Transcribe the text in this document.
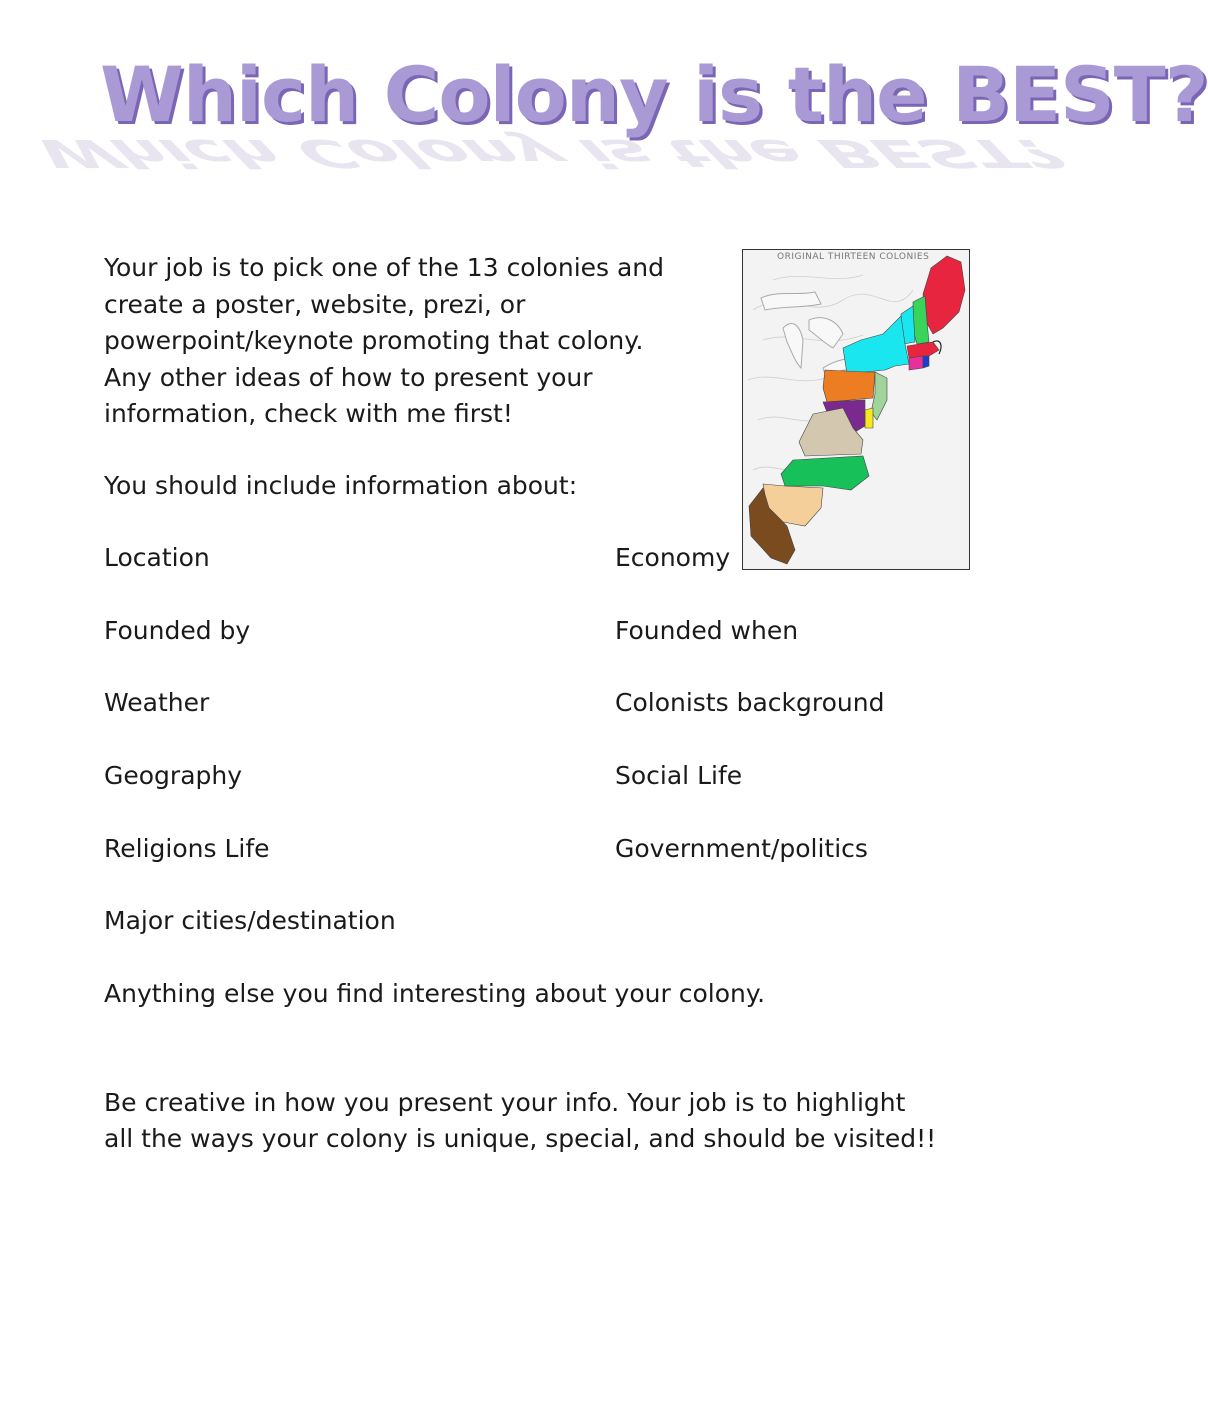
Which Colony is the BEST?
Which Colony is the BEST?
Your job is to pick one of the 13 colonies and
create a poster, website, prezi, or
powerpoint/keynote promoting that colony.
Any other ideas of how to present your
information, check with me first!
You should include information about:
Location
Founded by
Weather
Geography
Religions Life
Major cities/destination
Economy
Founded when
Colonists background
Social Life
Government/politics
Anything else you find interesting about your colony.
Be creative in how you present your info. Your job is to highlight
all the ways your colony is unique, special, and should be visited!!
ORIGINAL THIRTEEN COLONIES
